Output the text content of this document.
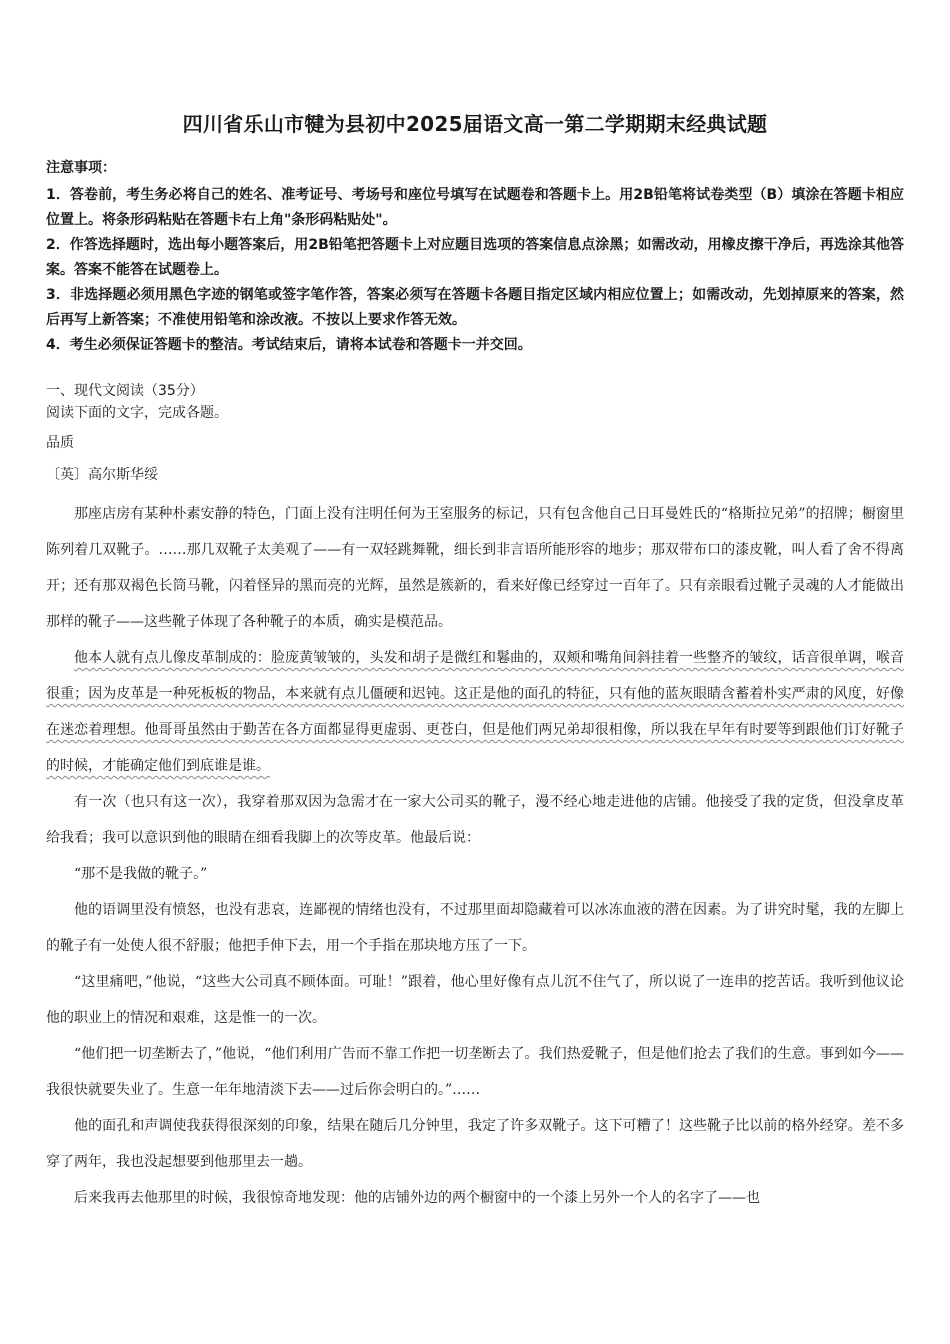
四川省乐山市犍为县初中2025届语文高一第二学期期末经典试题

注意事项：

1．答卷前，考生务必将自己的姓名、准考证号、考场号和座位号填写在试题卷和答题卡上。用2B铅笔将试卷类型（B）填涂在答题卡相应位置上。将条形码粘贴在答题卡右上角"条形码粘贴处"。

2．作答选择题时，选出每小题答案后，用2B铅笔把答题卡上对应题目选项的答案信息点涂黑；如需改动，用橡皮擦干净后，再选涂其他答案。答案不能答在试题卷上。

3．非选择题必须用黑色字迹的钢笔或签字笔作答，答案必须写在答题卡各题目指定区域内相应位置上；如需改动，先划掉原来的答案，然后再写上新答案；不准使用铅笔和涂改液。不按以上要求作答无效。

4．考生必须保证答题卡的整洁。考试结束后，请将本试卷和答题卡一并交回。

一、现代文阅读（35分）

阅读下面的文字，完成各题。

品质

〔英〕高尔斯华绥

那座店房有某种朴素安静的特色，门面上没有注明任何为王室服务的标记，只有包含他自己日耳曼姓氏的“格斯拉兄弟”的招牌；橱窗里陈列着几双靴子。……那几双靴子太美观了——有一双轻跳舞靴，细长到非言语所能形容的地步；那双带布口的漆皮靴，叫人看了舍不得离开；还有那双褐色长筒马靴，闪着怪异的黑而亮的光辉，虽然是簇新的，看来好像已经穿过一百年了。只有亲眼看过靴子灵魂的人才能做出那样的靴子——这些靴子体现了各种靴子的本质，确实是模范品。

他本人就有点儿像皮革制成的：脸庞黄皱皱的，头发和胡子是微红和鬈曲的，双颊和嘴角间斜挂着一些整齐的皱纹，话音很单调，喉音很重；因为皮革是一种死板板的物品，本来就有点儿僵硬和迟钝。这正是他的面孔的特征，只有他的蓝灰眼睛含蓄着朴实严肃的风度，好像在迷恋着理想。他哥哥虽然由于勤苦在各方面都显得更虚弱、更苍白，但是他们两兄弟却很相像，所以我在早年有时要等到跟他们订好靴子的时候，才能确定他们到底谁是谁。

有一次（也只有这一次），我穿着那双因为急需才在一家大公司买的靴子，漫不经心地走进他的店铺。他接受了我的定货，但没拿皮革给我看；我可以意识到他的眼睛在细看我脚上的次等皮革。他最后说：

“那不是我做的靴子。”

他的语调里没有愤怒，也没有悲哀，连鄙视的情绪也没有，不过那里面却隐藏着可以冰冻血液的潜在因素。为了讲究时髦，我的左脚上的靴子有一处使人很不舒服；他把手伸下去，用一个手指在那块地方压了一下。

“这里痛吧，”他说，“这些大公司真不顾体面。可耻！”跟着，他心里好像有点儿沉不住气了，所以说了一连串的挖苦话。我听到他议论他的职业上的情况和艰难，这是惟一的一次。

“他们把一切垄断去了，”他说，“他们利用广告而不靠工作把一切垄断去了。我们热爱靴子，但是他们抢去了我们的生意。事到如今——我很快就要失业了。生意一年年地清淡下去——过后你会明白的。”……

他的面孔和声调使我获得很深刻的印象，结果在随后几分钟里，我定了许多双靴子。这下可糟了！这些靴子比以前的格外经穿。差不多穿了两年，我也没起想要到他那里去一趟。

后来我再去他那里的时候，我很惊奇地发现：他的店铺外边的两个橱窗中的一个漆上另外一个人的名字了——也
